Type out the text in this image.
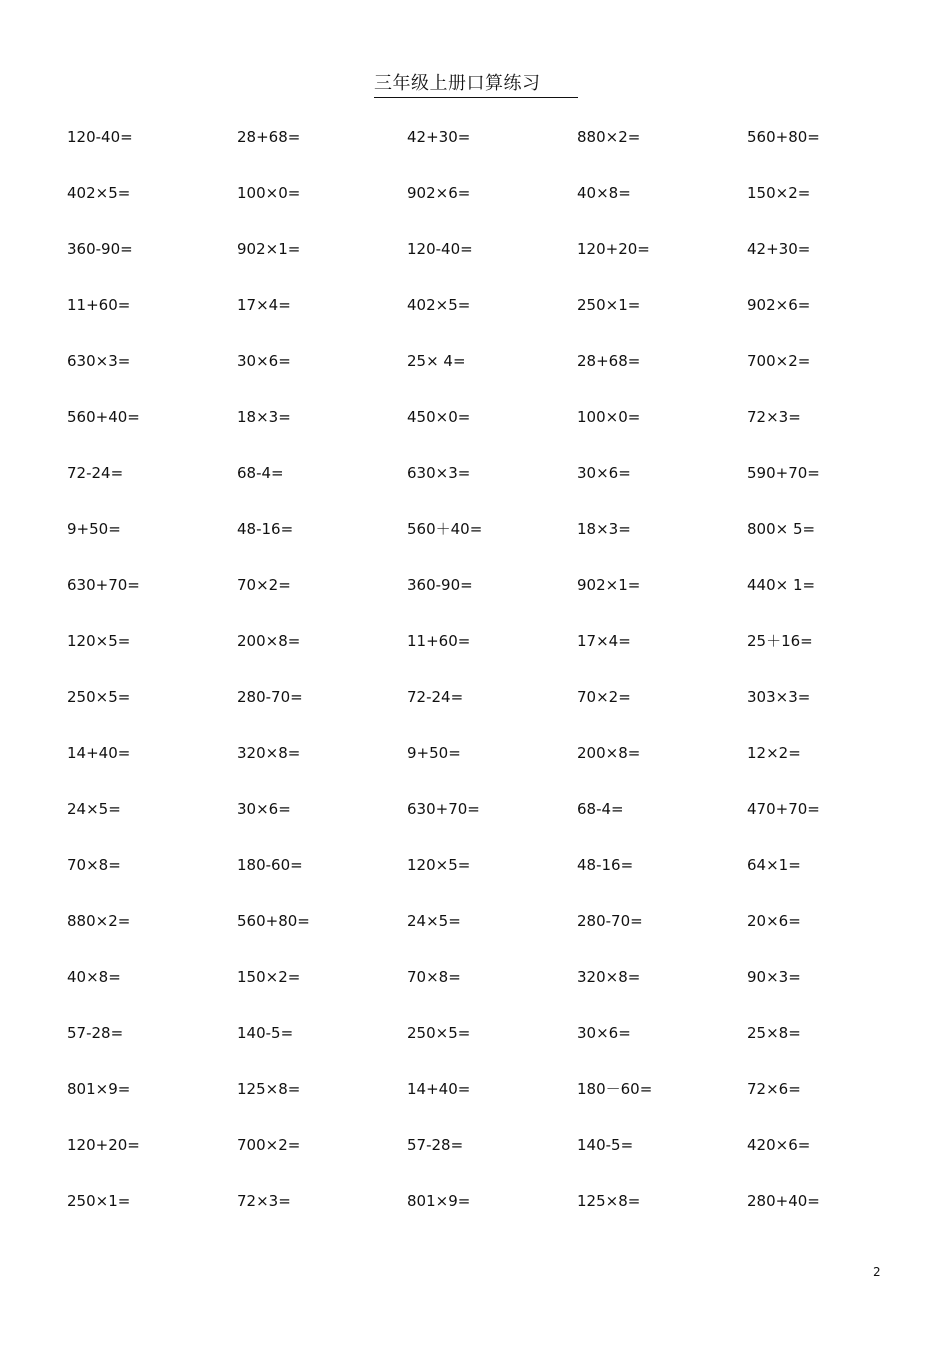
三年级上册口算练习
120-40=	28+68=	42+30=	880×2=	560+80=
402×5=	100×0=	902×6=	40×8=	150×2=
360-90=	902×1=	120-40=	120+20=	42+30=
11+60=	17×4=	402×5=	250×1=	902×6=
630×3=	30×6=	25× 4=	28+68=	700×2=
560+40=	18×3=	450×0=	100×0=	72×3=
72-24=	68-4=	630×3=	30×6=	590+70=
9+50=	48-16=	560＋40=	18×3=	800× 5=
630+70=	70×2=	360-90=	902×1=	440× 1=
120×5=	200×8=	11+60=	17×4=	25＋16=
250×5=	280-70=	72-24=	70×2=	303×3=
14+40=	320×8=	9+50=	200×8=	12×2=
24×5=	30×6=	630+70=	68-4=	470+70=
70×8=	180-60=	120×5=	48-16=	64×1=
880×2=	560+80=	24×5=	280-70=	20×6=
40×8=	150×2=	70×8=	320×8=	90×3=
57-28=	140-5=	250×5=	30×6=	25×8=
801×9=	125×8=	14+40=	180－60=	72×6=
120+20=	700×2=	57-28=	140-5=	420×6=
250×1=	72×3=	801×9=	125×8=	280+40=
2
